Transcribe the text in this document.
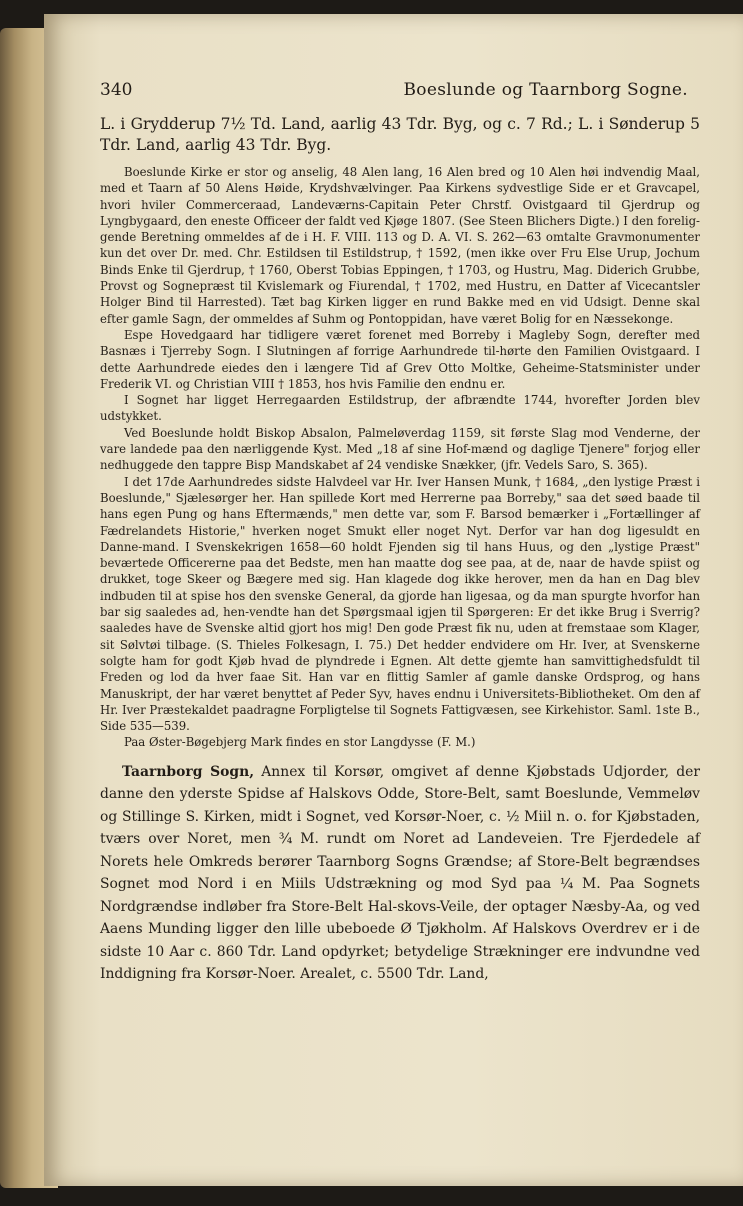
340	Boeslunde og Taarnborg Sogne.

L. i Grydderup 7½ Td. Land, aarlig 43 Tdr. Byg, og c. 7 Rd.; L. i Sønderup 5 Tdr. Land, aarlig 43 Tdr. Byg.

Boeslunde Kirke er stor og anselig, 48 Alen lang, 16 Alen bred og 10 Alen høi indvendig Maal, med et Taarn af 50 Alens Høide, Krydshvælvinger. Paa Kirkens sydvestlige Side er et Gravcapel, hvori hviler Commerceraad, Landeværns-Capitain Peter Chrstf. Ovistgaard til Gjerdrup og Lyngbygaard, den eneste Officeer der faldt ved Kjøge 1807. (See Steen Blichers Digte.) I den forelig-gende Beretning ommeldes af de i H. F. VIII. 113 og D. A. VI. S. 262—63 omtalte Gravmonumenter kun det over Dr. med. Chr. Estildsen til Estildstrup, † 1592, (men ikke over Fru Else Urup, Jochum Binds Enke til Gjerdrup, † 1760, Oberst Tobias Eppingen, † 1703, og Hustru, Mag. Diderich Grubbe, Provst og Sognepræst til Kvislemark og Fiurendal, † 1702, med Hustru, en Datter af Vicecantsler Holger Bind til Harrested). Tæt bag Kirken ligger en rund Bakke med en vid Udsigt. Denne skal efter gamle Sagn, der ommeldes af Suhm og Pontoppidan, have været Bolig for en Næssekonge.

Espe Hovedgaard har tidligere været forenet med Borreby i Magleby Sogn, derefter med Basnæs i Tjerreby Sogn. I Slutningen af forrige Aarhundrede til-hørte den Familien Ovistgaard. I dette Aarhundrede eiedes den i længere Tid af Grev Otto Moltke, Geheime-Statsminister under Frederik VI. og Christian VIII † 1853, hos hvis Familie den endnu er.

I Sognet har ligget Herregaarden Estildstrup, der afbrændte 1744, hvorefter Jorden blev udstykket.

Ved Boeslunde holdt Biskop Absalon, Palmeløverdag 1159, sit første Slag mod Venderne, der vare landede paa den nærliggende Kyst. Med „18 af sine Hof-mænd og daglige Tjenere" forjog eller nedhuggede den tappre Bisp Mandskabet af 24 vendiske Snækker, (jfr. Vedels Saro, S. 365).

I det 17de Aarhundredes sidste Halvdeel var Hr. Iver Hansen Munk, † 1684, „den lystige Præst i Boeslunde," Sjælesørger her. Han spillede Kort med Herrerne paa Borreby," saa det søed baade til hans egen Pung og hans Eftermænds," men dette var, som F. Barsod bemærker i „Fortællinger af Fædrelandets Historie," hverken noget Smukt eller noget Nyt. Derfor var han dog ligesuldt en Danne-mand. I Svenskekrigen 1658—60 holdt Fjenden sig til hans Huus, og den „lystige Præst" beværtede Officererne paa det Bedste, men han maatte dog see paa, at de, naar de havde spiist og drukket, toge Skeer og Bægere med sig. Han klagede dog ikke herover, men da han en Dag blev indbuden til at spise hos den svenske General, da gjorde han ligesaa, og da man spurgte hvorfor han bar sig saaledes ad, hen-vendte han det Spørgsmaal igjen til Spørgeren: Er det ikke Brug i Sverrig? saaledes have de Svenske altid gjort hos mig! Den gode Præst fik nu, uden at fremstaae som Klager, sit Sølvtøi tilbage. (S. Thieles Folkesagn, I. 75.) Det hedder endvidere om Hr. Iver, at Svenskerne solgte ham for godt Kjøb hvad de plyndrede i Egnen. Alt dette gjemte han samvittighedsfuldt til Freden og lod da hver faae Sit. Han var en flittig Samler af gamle danske Ordsprog, og hans Manuskript, der har været benyttet af Peder Syv, haves endnu i Universitets-Bibliotheket. Om den af Hr. Iver Præstekaldet paadragne Forpligtelse til Sognets Fattigvæsen, see Kirkehistor. Saml. 1ste B., Side 535—539.

Paa Øster-Bøgebjerg Mark findes en stor Langdysse (F. M.)

Taarnborg Sogn, Annex til Korsør, omgivet af denne Kjøbstads Udjorder, der danne den yderste Spidse af Halskovs Odde, Store-Belt, samt Boeslunde, Vemmeløv og Stillinge S. Kirken, midt i Sognet, ved Korsør-Noer, c. ½ Miil n. o. for Kjøbstaden, tværs over Noret, men ¾ M. rundt om Noret ad Landeveien. Tre Fjerdedele af Norets hele Omkreds berører Taarnborg Sogns Grændse; af Store-Belt begrændses Sognet mod Nord i en Miils Udstrækning og mod Syd paa ¼ M. Paa Sognets Nordgrændse indløber fra Store-Belt Hal-skovs-Veile, der optager Næsby-Aa, og ved Aaens Munding ligger den lille ubeboede Ø Tjøkholm. Af Halskovs Overdrev er i de sidste 10 Aar c. 860 Tdr. Land opdyrket; betydelige Strækninger ere indvundne ved Inddigning fra Korsør-Noer. Arealet, c. 5500 Tdr. Land,
